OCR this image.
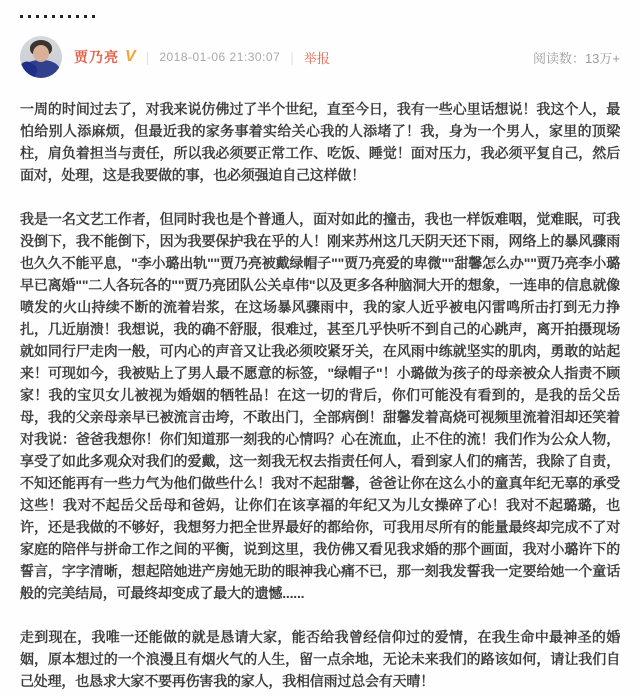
贾乃亮 V | 2018-01-06 21:30:07 | 举报	阅读数：13万+

一周的时间过去了，对我来说仿佛过了半个世纪，直至今日，我有一些心里话想说！我这个人，最怕给别人添麻烦，但最近我的家务事着实给关心我的人添堵了！我，身为一个男人，家里的顶梁柱，肩负着担当与责任，所以我必须要正常工作、吃饭、睡觉！面对压力，我必须平复自己，然后面对，处理，这是我要做的事，也必须强迫自己这样做！

我是一名文艺工作者，但同时我也是个普通人，面对如此的撞击，我也一样饭难咽，觉难眠，可我没倒下，我不能倒下，因为我要保护我在乎的人！刚来苏州这几天阴天还下雨，网络上的暴风骤雨也久久不能平息，"李小璐出轨""贾乃亮被戴绿帽子""贾乃亮爱的卑微""甜馨怎么办""贾乃亮李小璐早已离婚""二人各玩各的""贾乃亮团队公关卓伟"以及更多各种脑洞大开的想象，一连串的信息就像喷发的火山持续不断的流着岩浆，在这场暴风骤雨中，我的家人近乎被电闪雷鸣所击打到无力挣扎，几近崩溃！我想说，我的确不舒服，很难过，甚至几乎快听不到自己的心跳声，离开拍摄现场就如同行尸走肉一般，可内心的声音又让我必须咬紧牙关，在风雨中练就坚实的肌肉，勇敢的站起来！可现如今，我被贴上了男人最不愿意的标签，"绿帽子"！小璐做为孩子的母亲被众人指责不顾家！我的宝贝女儿被视为婚姻的牺牲品！在这一切的背后，你们可能没有看到的，是我的岳父岳母，我的父亲母亲早已被流言击垮，不敢出门，全部病倒！甜馨发着高烧可视频里流着泪却还笑着对我说：爸爸我想你！你们知道那一刻我的心情吗？心在流血，止不住的流！我们作为公众人物，享受了如此多观众对我们的爱戴，这一刻我无权去指责任何人，看到家人们的痛苦，我除了自责，不知还能再有一些力气为他们做些什么！我对不起甜馨，爸爸让你在这么小的童真年纪无辜的承受这些！我对不起岳父岳母和爸妈，让你们在该享福的年纪又为儿女操碎了心！我对不起璐璐，也许，还是我做的不够好，我想努力把全世界最好的都给你，可我用尽所有的能量最终却完成不了对家庭的陪伴与拼命工作之间的平衡，说到这里，我仿佛又看见我求婚的那个画面，我对小璐许下的誓言，字字清晰，想起陪她进产房她无助的眼神我心痛不已，那一刻我发誓我一定要给她一个童话般的完美结局，可最终却变成了最大的遗憾......

走到现在，我唯一还能做的就是恳请大家，能否给我曾经信仰过的爱情，在我生命中最神圣的婚姻，原本想过的一个浪漫且有烟火气的人生，留一点余地，无论未来我们的路该如何，请让我们自己处理，也恳求大家不要再伤害我的家人，我相信雨过总会有天晴！
